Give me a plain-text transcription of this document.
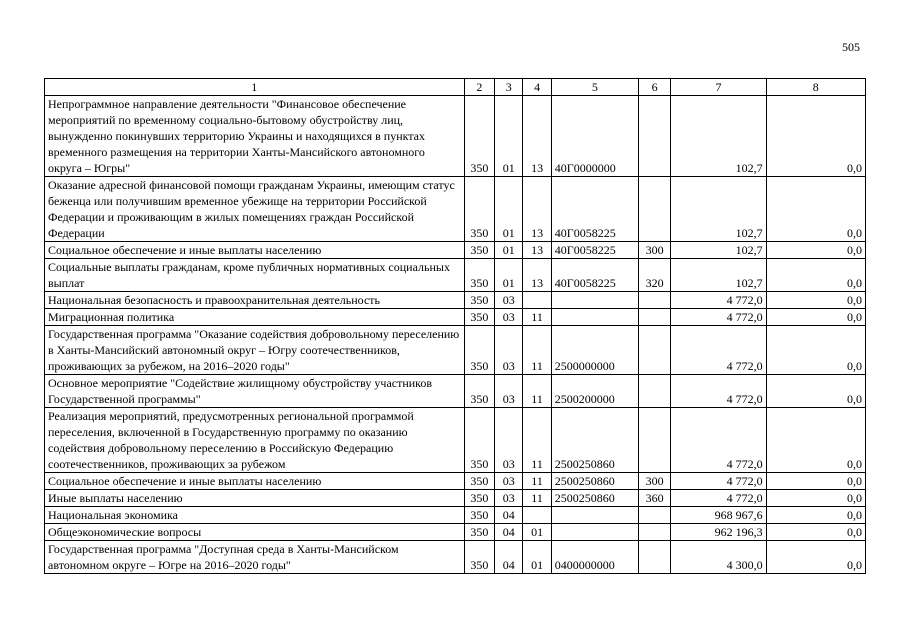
505
1	2	3	4	5	6	7	8
Непрограммное направление деятельности "Финансовое обеспечение мероприятий по временному социально-бытовому обустройству лиц, вынужденно покинувших территорию Украины и находящихся в пунктах временного размещения на территории Ханты-Мансийского автономного округа – Югры"	350	01	13	40Г0000000		102,7	0,0
Оказание адресной финансовой помощи гражданам Украины, имеющим статус беженца или получившим временное убежище на территории Российской Федерации и проживающим в жилых помещениях граждан Российской Федерации	350	01	13	40Г0058225		102,7	0,0
Социальное обеспечение и иные выплаты населению	350	01	13	40Г0058225	300	102,7	0,0
Социальные выплаты гражданам, кроме публичных нормативных социальных выплат	350	01	13	40Г0058225	320	102,7	0,0
Национальная безопасность и правоохранительная деятельность	350	03				4 772,0	0,0
Миграционная политика	350	03	11			4 772,0	0,0
Государственная программа "Оказание содействия добровольному переселению в Ханты-Мансийский автономный округ – Югру соотечественников, проживающих за рубежом, на 2016–2020 годы"	350	03	11	2500000000		4 772,0	0,0
Основное мероприятие "Содействие жилищному обустройству участников Государственной программы"	350	03	11	2500200000		4 772,0	0,0
Реализация мероприятий, предусмотренных региональной программой переселения, включенной в Государственную программу по оказанию содействия добровольному переселению в Российскую Федерацию соотечественников, проживающих за рубежом	350	03	11	2500250860		4 772,0	0,0
Социальное обеспечение и иные выплаты населению	350	03	11	2500250860	300	4 772,0	0,0
Иные выплаты населению	350	03	11	2500250860	360	4 772,0	0,0
Национальная экономика	350	04				968 967,6	0,0
Общеэкономические вопросы	350	04	01			962 196,3	0,0
Государственная программа "Доступная среда в Ханты-Мансийском автономном округе – Югре на 2016–2020 годы"	350	04	01	0400000000		4 300,0	0,0
